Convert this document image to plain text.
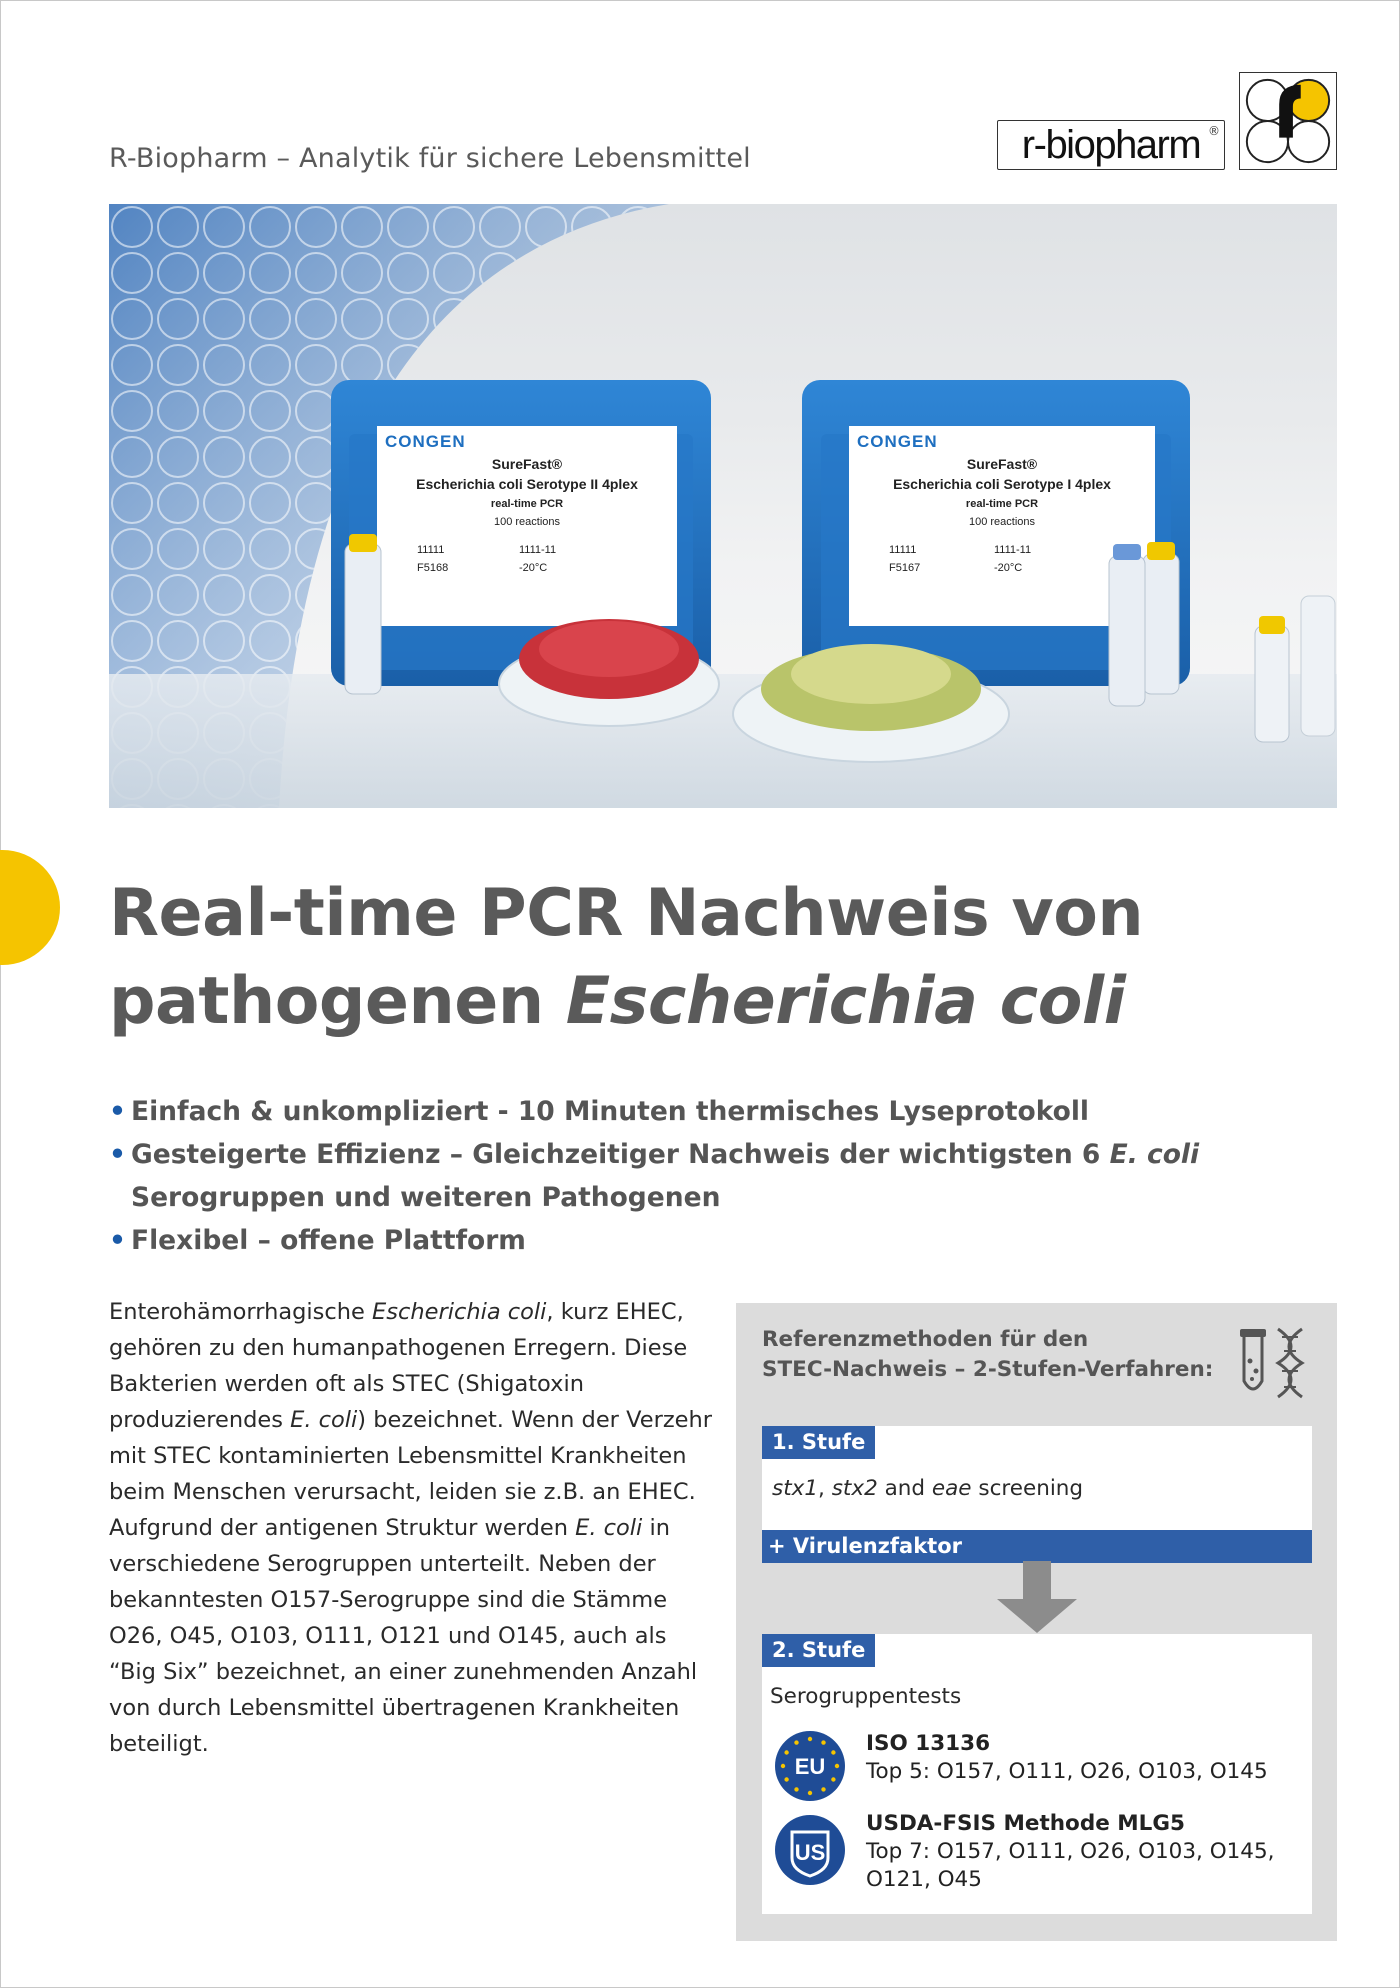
R-Biopharm – Analytik für sichere Lebensmittel	r-biopharm ®
CONGEN
SureFast®
Escherichia coli Serotype II 4plex
real-time PCR
100 reactions
11111
F5168
1111-11
-20°C
CONGEN
SureFast®
Escherichia coli Serotype I 4plex
real-time PCR
100 reactions
11111
F5167
1111-11
-20°C
Real-time PCR Nachweis von
pathogenen Escherichia coli
• Einfach & unkompliziert - 10 Minuten thermisches Lyseprotokoll
• Gesteigerte Effizienz – Gleichzeitiger Nachweis der wichtigsten 6 E. coli Serogruppen und weiteren Pathogenen
• Flexibel – offene Plattform

Enterohämorrhagische Escherichia coli, kurz EHEC, gehören zu den humanpathogenen Erregern. Diese Bakterien werden oft als STEC (Shigatoxin produzierendes E. coli) bezeichnet. Wenn der Verzehr mit STEC kontaminierten Lebensmittel Krankheiten beim Menschen verursacht, leiden sie z.B. an EHEC. Aufgrund der antigenen Struktur werden E. coli in verschiedene Serogruppen unterteilt. Neben der bekanntesten O157-Serogruppe sind die Stämme O26, O45, O103, O111, O121 und O145, auch als “Big Six” bezeichnet, an einer zunehmenden Anzahl von durch Lebensmittel übertragenen Krankheiten beteiligt.

Referenzmethoden für den
STEC-Nachweis – 2-Stufen-Verfahren:
1. Stufe
stx1, stx2 and eae screening
+ Virulenzfaktor
2. Stufe
Serogruppentests
EU
ISO 13136
Top 5: O157, O111, O26, O103, O145
US
USDA-FSIS Methode MLG5
Top 7: O157, O111, O26, O103, O145, O121, O45
